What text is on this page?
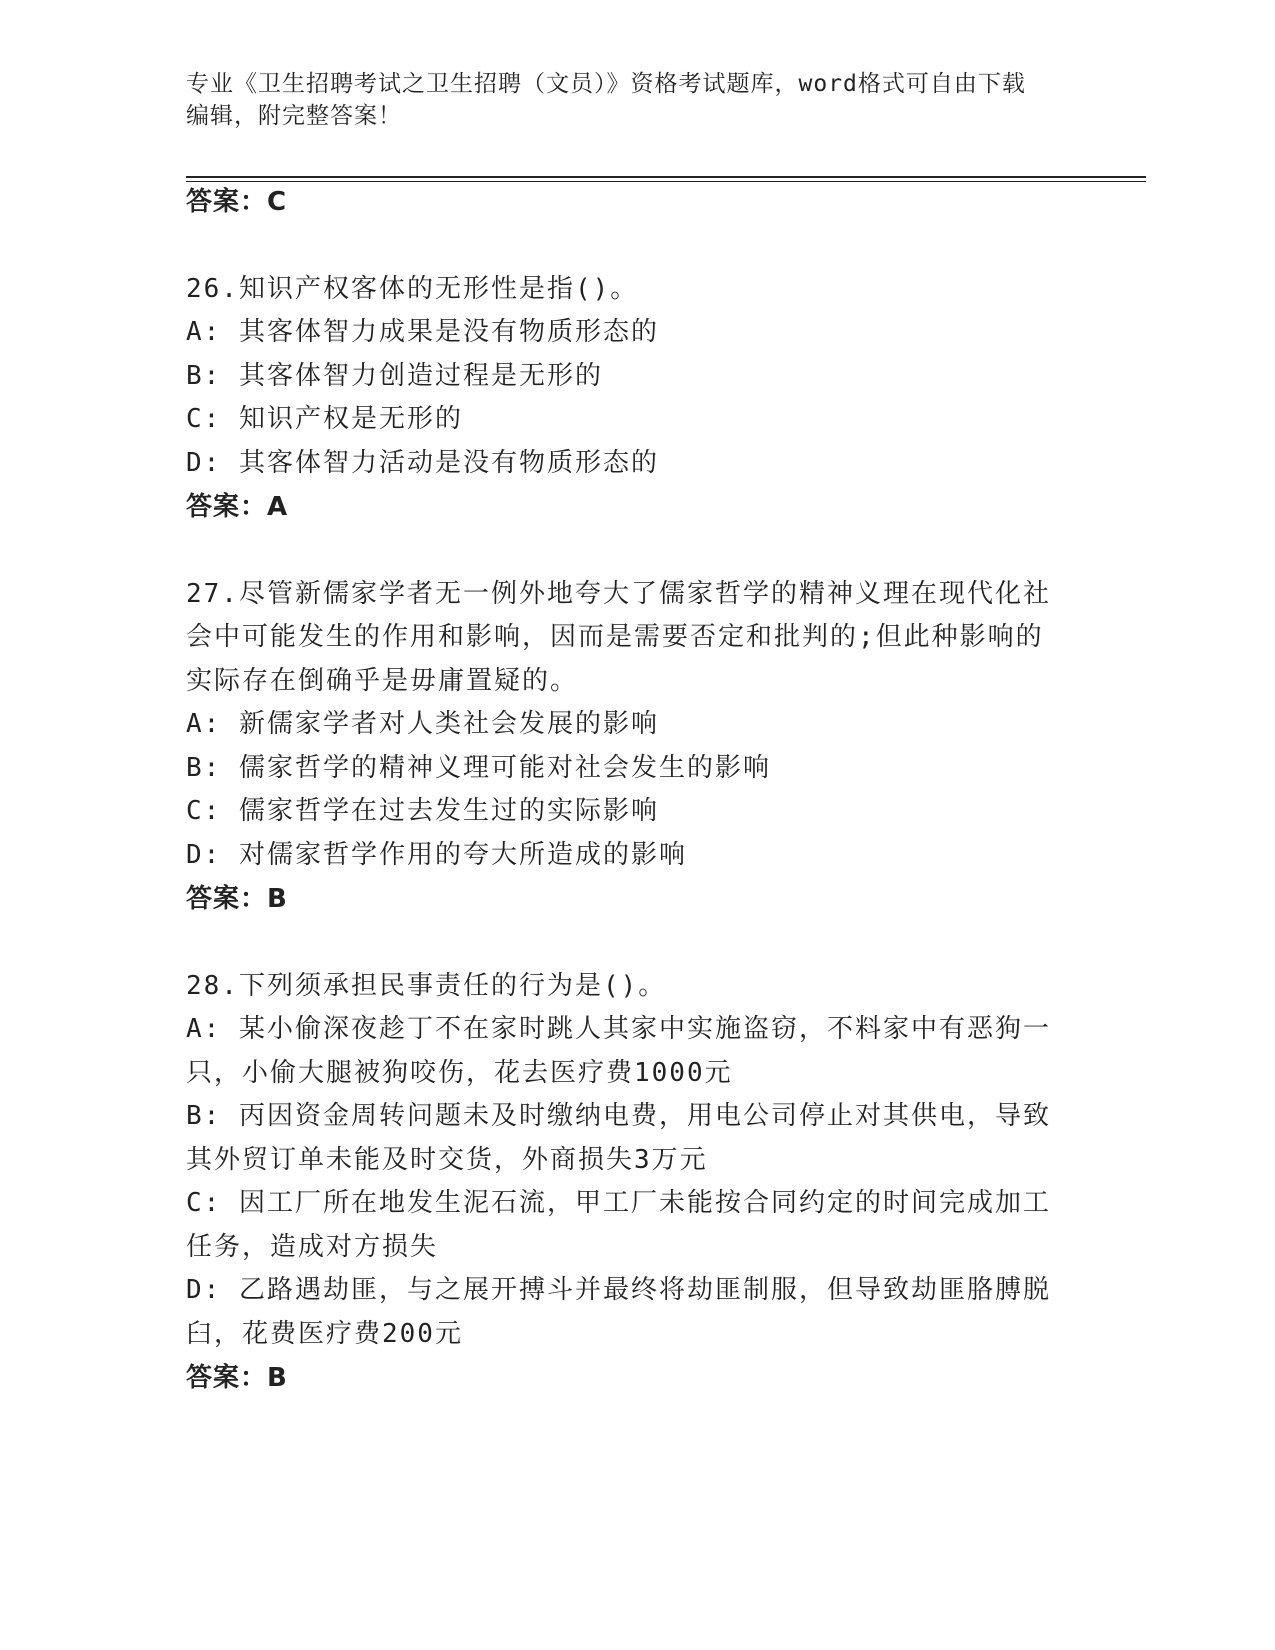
专业《卫生招聘考试之卫生招聘（文员）》资格考试题库，word格式可自由下载
编辑，附完整答案！
答案：C
26.知识产权客体的无形性是指()。
A: 其客体智力成果是没有物质形态的
B: 其客体智力创造过程是无形的
C: 知识产权是无形的
D: 其客体智力活动是没有物质形态的
答案：A
27.尽管新儒家学者无一例外地夸大了儒家哲学的精神义理在现代化社
会中可能发生的作用和影响，因而是需要否定和批判的;但此种影响的
实际存在倒确乎是毋庸置疑的。
A: 新儒家学者对人类社会发展的影响
B: 儒家哲学的精神义理可能对社会发生的影响
C: 儒家哲学在过去发生过的实际影响
D: 对儒家哲学作用的夸大所造成的影响
答案：B
28.下列须承担民事责任的行为是()。
A: 某小偷深夜趁丁不在家时跳人其家中实施盗窃，不料家中有恶狗一
只，小偷大腿被狗咬伤，花去医疗费1000元
B: 丙因资金周转问题未及时缴纳电费，用电公司停止对其供电，导致
其外贸订单未能及时交货，外商损失3万元
C: 因工厂所在地发生泥石流，甲工厂未能按合同约定的时间完成加工
任务，造成对方损失
D: 乙路遇劫匪，与之展开搏斗并最终将劫匪制服，但导致劫匪胳膊脱
臼，花费医疗费200元
答案：B
